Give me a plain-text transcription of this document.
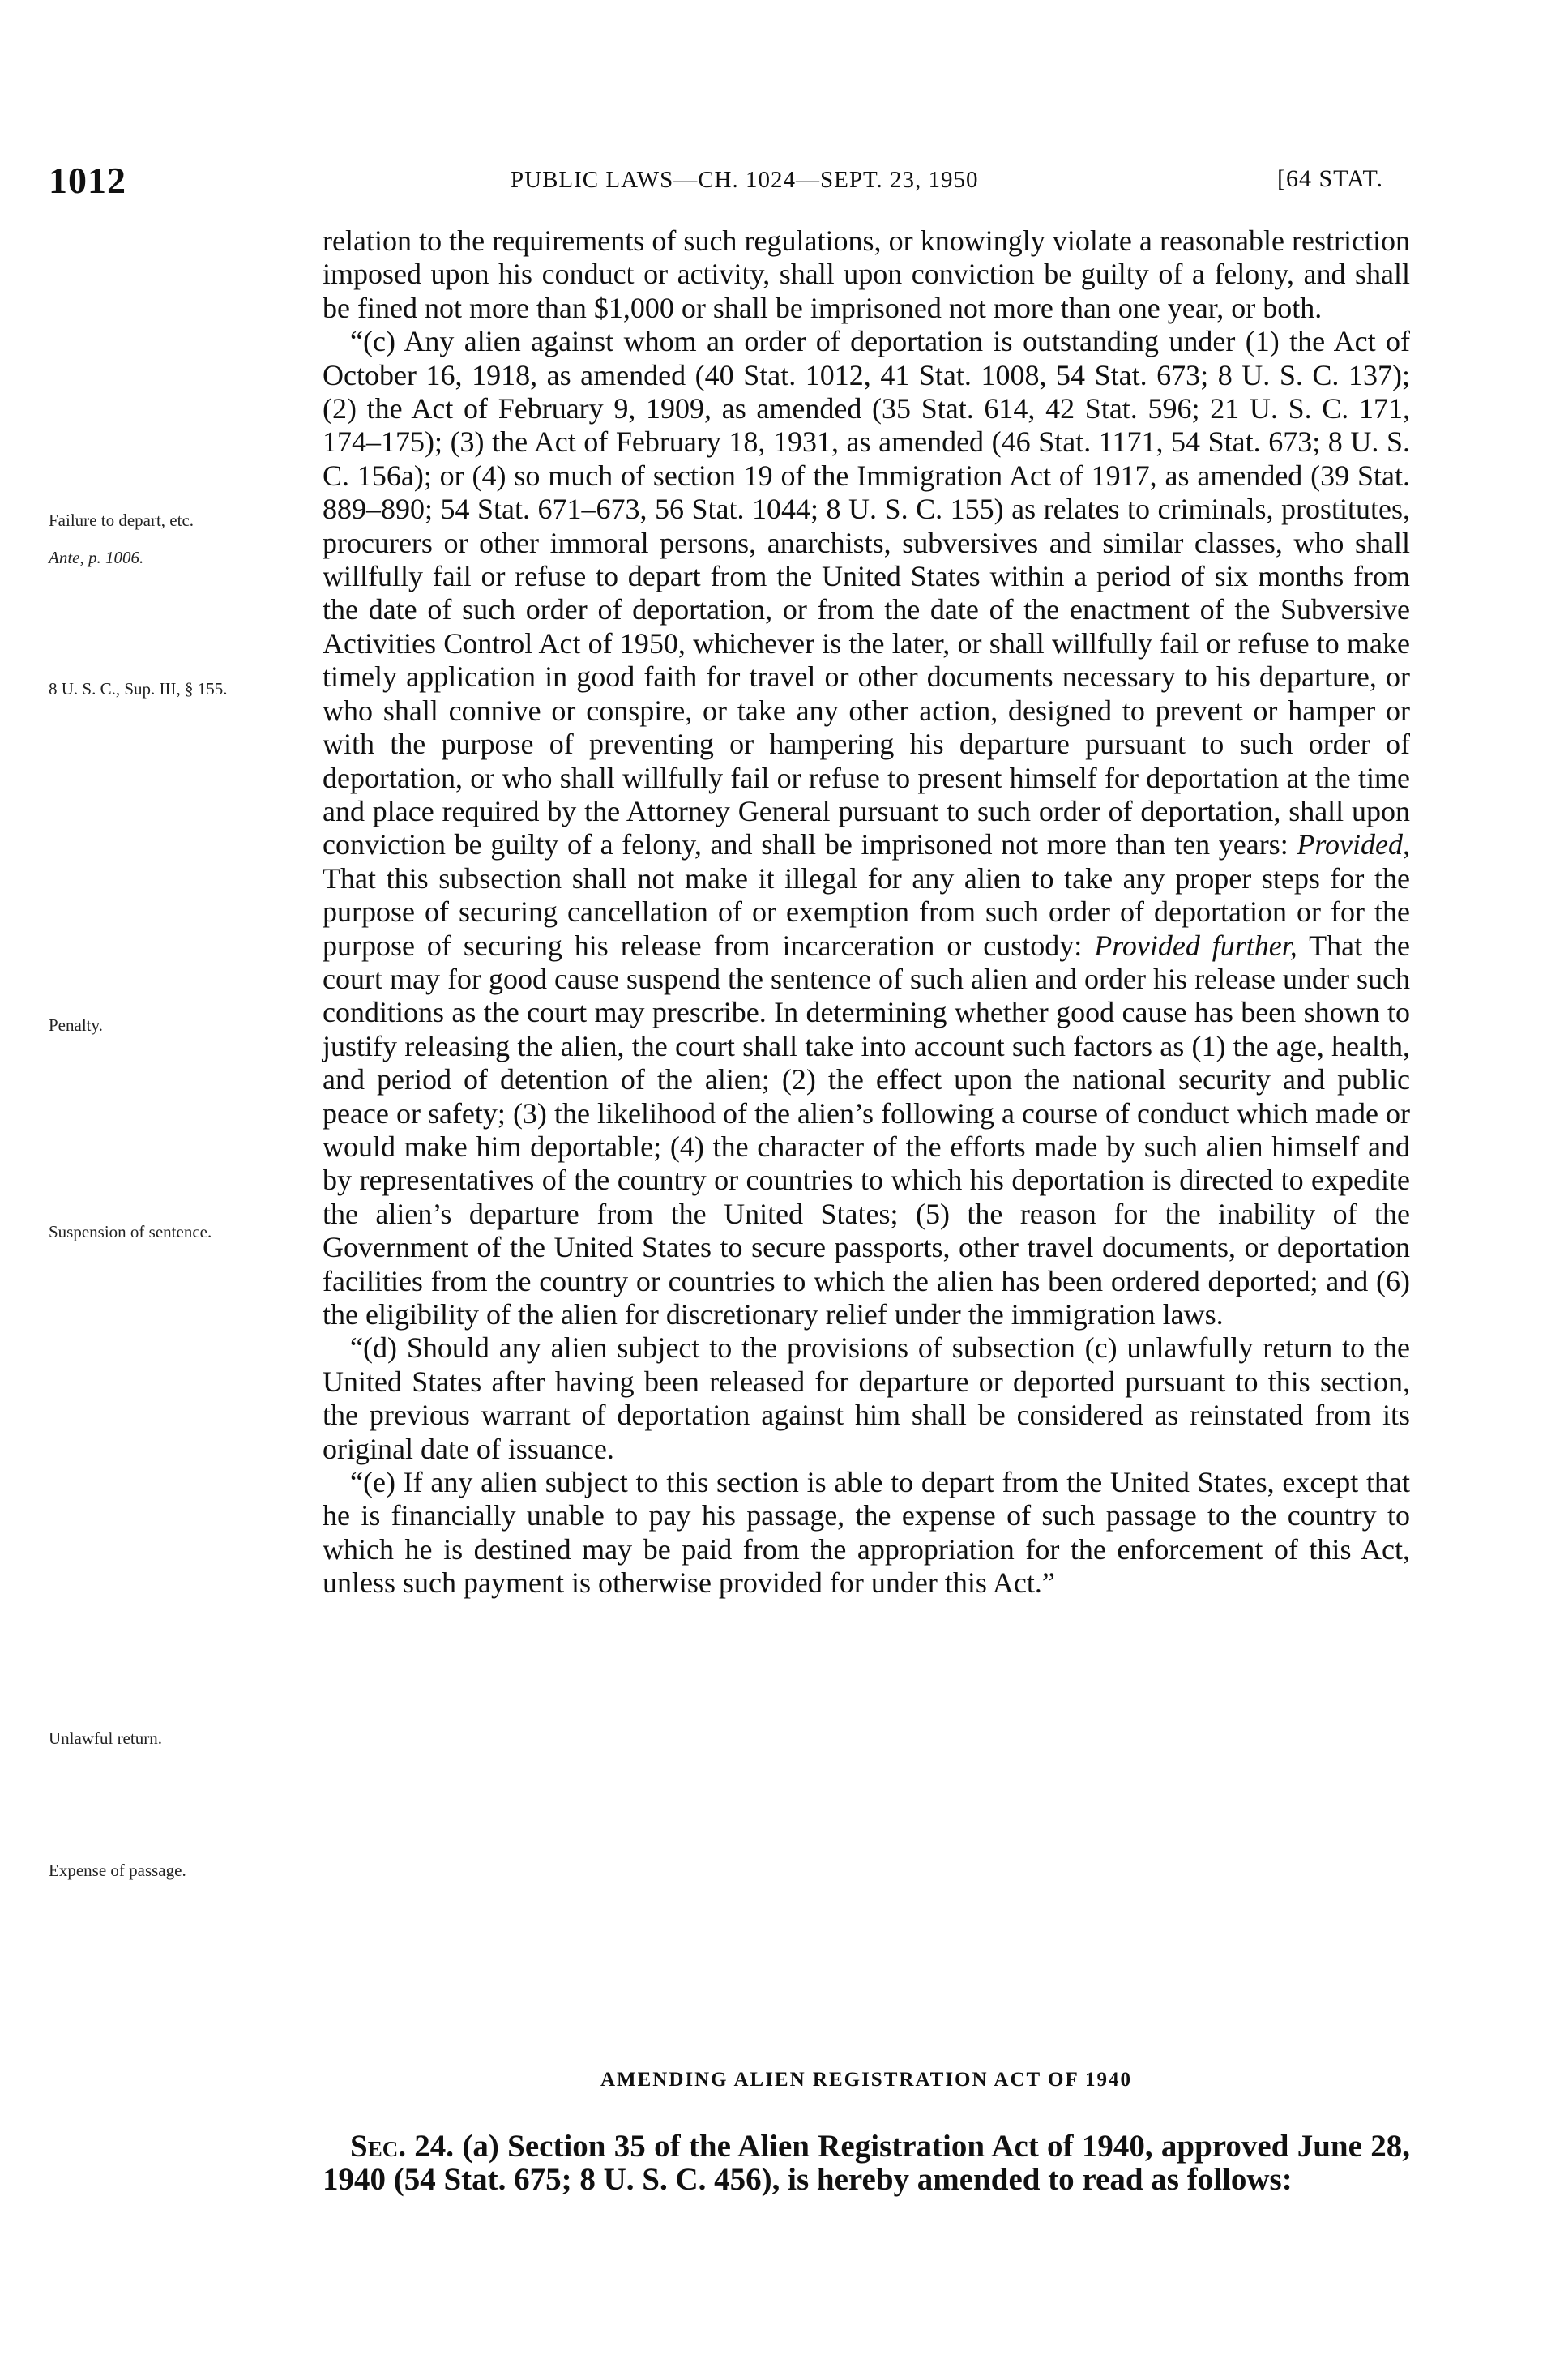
1012	PUBLIC LAWS—CH. 1024—SEPT. 23, 1950	[64 STAT.
Failure to depart, etc.
Ante, p. 1006.
8 U. S. C., Sup. III, § 155.
Penalty.
Suspension of sentence.
Unlawful return.
Expense of passage.

relation to the requirements of such regulations, or knowingly violate a reasonable restriction imposed upon his conduct or activity, shall upon conviction be guilty of a felony, and shall be fined not more than $1,000 or shall be imprisoned not more than one year, or both.

“(c) Any alien against whom an order of deportation is outstanding under (1) the Act of October 16, 1918, as amended (40 Stat. 1012, 41 Stat. 1008, 54 Stat. 673; 8 U. S. C. 137); (2) the Act of February 9, 1909, as amended (35 Stat. 614, 42 Stat. 596; 21 U. S. C. 171, 174–175); (3) the Act of February 18, 1931, as amended (46 Stat. 1171, 54 Stat. 673; 8 U. S. C. 156a); or (4) so much of section 19 of the Immigration Act of 1917, as amended (39 Stat. 889–890; 54 Stat. 671–673, 56 Stat. 1044; 8 U. S. C. 155) as relates to criminals, prostitutes, procurers or other immoral persons, anarchists, subversives and similar classes, who shall willfully fail or refuse to depart from the United States within a period of six months from the date of such order of deportation, or from the date of the enactment of the Subversive Activities Control Act of 1950, whichever is the later, or shall willfully fail or refuse to make timely application in good faith for travel or other documents necessary to his departure, or who shall connive or conspire, or take any other action, designed to prevent or hamper or with the purpose of preventing or hampering his departure pursuant to such order of deportation, or who shall willfully fail or refuse to present himself for deportation at the time and place required by the Attorney General pursuant to such order of deportation, shall upon conviction be guilty of a felony, and shall be imprisoned not more than ten years: Provided, That this subsection shall not make it illegal for any alien to take any proper steps for the purpose of securing cancellation of or exemption from such order of deportation or for the purpose of securing his release from incarceration or custody: Provided further, That the court may for good cause suspend the sentence of such alien and order his release under such conditions as the court may prescribe. In determining whether good cause has been shown to justify releasing the alien, the court shall take into account such factors as (1) the age, health, and period of detention of the alien; (2) the effect upon the national security and public peace or safety; (3) the likelihood of the alien’s following a course of conduct which made or would make him deportable; (4) the character of the efforts made by such alien himself and by representatives of the country or countries to which his deportation is directed to expedite the alien’s departure from the United States; (5) the reason for the inability of the Government of the United States to secure passports, other travel documents, or deportation facilities from the country or countries to which the alien has been ordered deported; and (6) the eligibility of the alien for discretionary relief under the immigration laws.

“(d) Should any alien subject to the provisions of subsection (c) unlawfully return to the United States after having been released for departure or deported pursuant to this section, the previous warrant of deportation against him shall be considered as reinstated from its original date of issuance.

“(e) If any alien subject to this section is able to depart from the United States, except that he is financially unable to pay his passage, the expense of such passage to the country to which he is destined may be paid from the appropriation for the enforcement of this Act, unless such payment is otherwise provided for under this Act.”

AMENDING ALIEN REGISTRATION ACT OF 1940
Sec. 24. (a) Section 35 of the Alien Registration Act of 1940, approved June 28, 1940 (54 Stat. 675; 8 U. S. C. 456), is hereby amended to read as follows:
